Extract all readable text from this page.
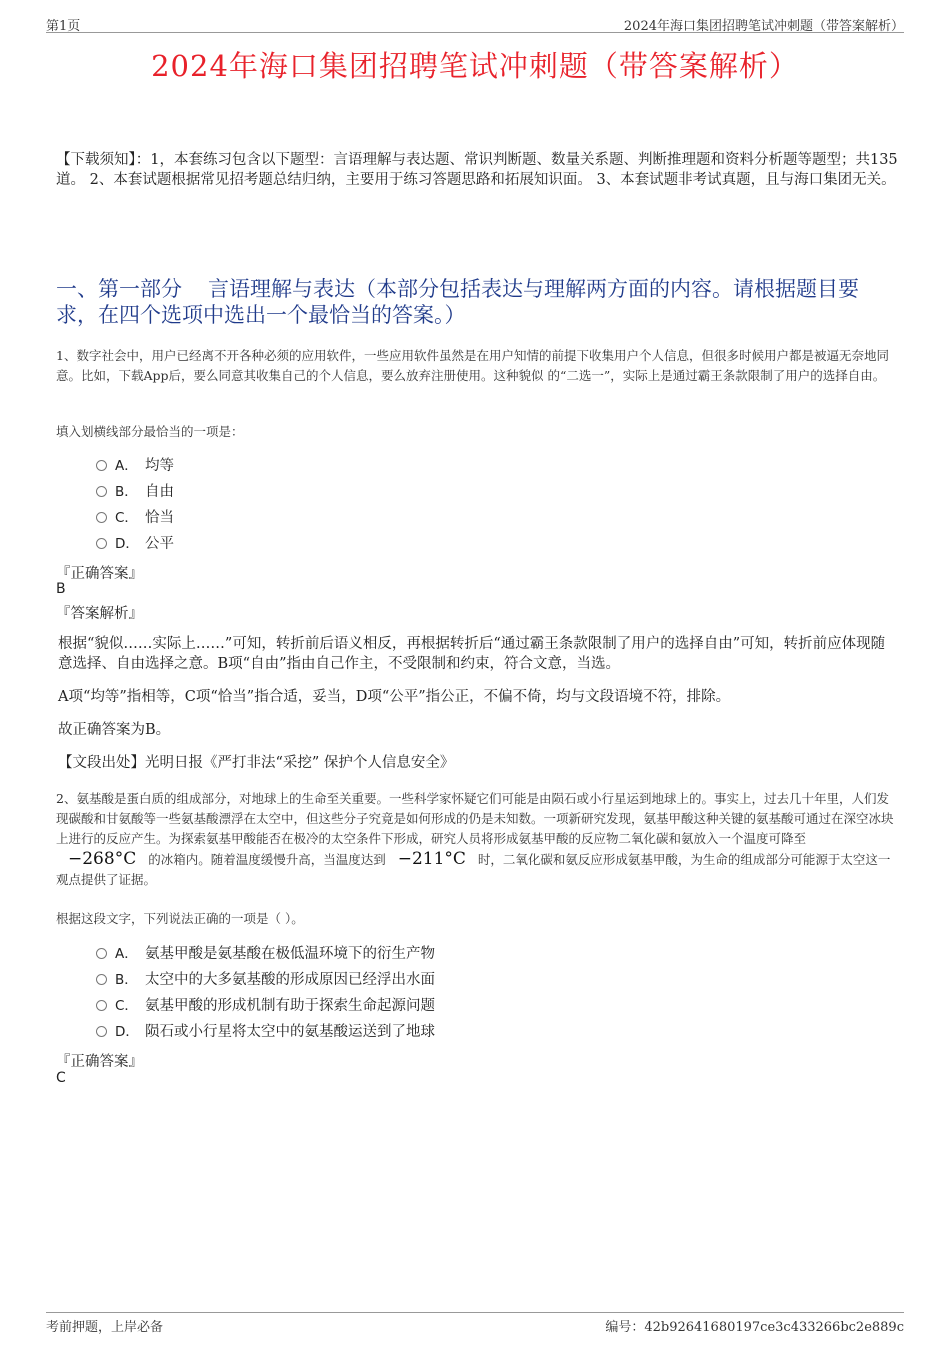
第1页	2024年海口集团招聘笔试冲刺题（带答案解析）
2024年海口集团招聘笔试冲刺题（带答案解析）
【下载须知】：1，本套练习包含以下题型：言语理解与表达题、常识判断题、数量关系题、判断推理题和资料分析题等题型；共135道。 2、本套试题根据常见招考题总结归纳，主要用于练习答题思路和拓展知识面。 3、本套试题非考试真题，且与海口集团无关。
一、第一部分 言语理解与表达（本部分包括表达与理解两方面的内容。请根据题目要求，在四个选项中选出一个最恰当的答案。）
1、数字社会中，用户已经离不开各种必须的应用软件，一些应用软件虽然是在用户知情的前提下收集用户个人信息，但很多时候用户都是被逼无奈地同意。比如，下载App后，要么同意其收集自己的个人信息，要么放弃注册使用。这种貌似 的“二选一”，实际上是通过霸王条款限制了用户的选择自由。
填入划横线部分最恰当的一项是：
A． 均等
B． 自由
C． 恰当
D． 公平
『正确答案』
B
『答案解析』
根据“貌似……实际上……”可知，转折前后语义相反，再根据转折后“通过霸王条款限制了用户的选择自由”可知，转折前应体现随意选择、自由选择之意。B项“自由”指由自己作主，不受限制和约束，符合文意，当选。
A项“均等”指相等，C项“恰当”指合适，妥当，D项“公平”指公正，不偏不倚，均与文段语境不符，排除。
故正确答案为B。
【文段出处】光明日报《严打非法“采挖” 保护个人信息安全》
2、氨基酸是蛋白质的组成部分，对地球上的生命至关重要。一些科学家怀疑它们可能是由陨石或小行星运到地球上的。事实上，过去几十年里，人们发现碳酸和甘氨酸等一些氨基酸漂浮在太空中，但这些分子究竟是如何形成的仍是未知数。一项新研究发现，氨基甲酸这种关键的氨基酸可通过在深空冰块上进行的反应产生。为探索氨基甲酸能否在极冷的太空条件下形成，研究人员将形成氨基甲酸的反应物二氧化碳和氨放入一个温度可降至−268°C 的冰箱内。随着温度缓慢升高，当温度达到 −211°C 时，二氧化碳和氨反应形成氨基甲酸，为生命的组成部分可能源于太空这一观点提供了证据。
根据这段文字，下列说法正确的一项是（ ）。
A． 氨基甲酸是氨基酸在极低温环境下的衍生产物
B． 太空中的大多氨基酸的形成原因已经浮出水面
C． 氨基甲酸的形成机制有助于探索生命起源问题
D． 陨石或小行星将太空中的氨基酸运送到了地球
『正确答案』
C
考前押题，上岸必备	编号：42b92641680197ce3c433266bc2e889c
